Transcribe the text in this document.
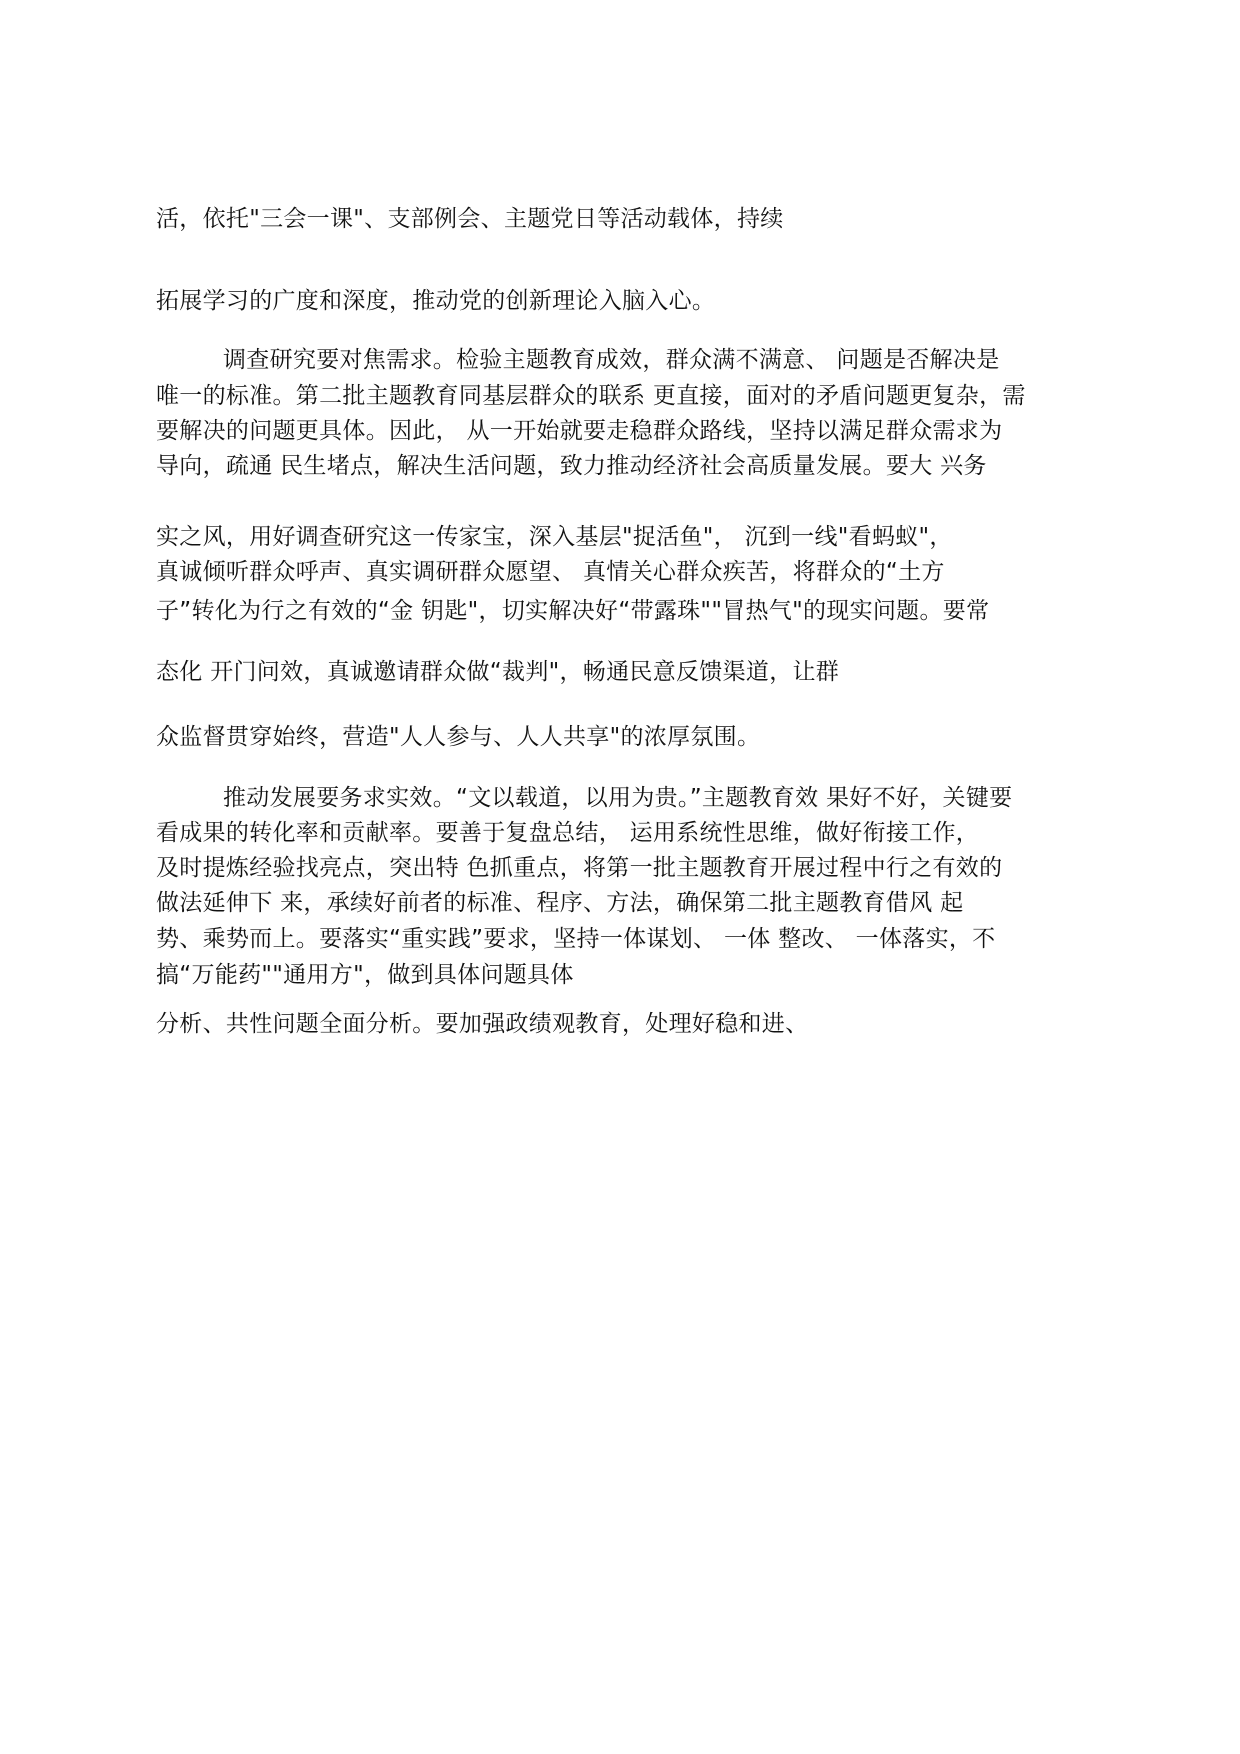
活，依托"三会一课"、支部例会、主题党日等活动载体，持续
拓展学习的广度和深度，推动党的创新理论入脑入心。
调查研究要对焦需求。检验主题教育成效，群众满不满意、 问题是否解决是
唯一的标准。第二批主题教育同基层群众的联系 更直接，面对的矛盾问题更复杂，需
要解决的问题更具体。因此， 从一开始就要走稳群众路线，坚持以满足群众需求为
导向，疏通 民生堵点，解决生活问题，致力推动经济社会高质量发展。要大 兴务
实之风，用好调查研究这一传家宝，深入基层"捉活鱼"， 沉到一线"看蚂蚁"，
真诚倾听群众呼声、真实调研群众愿望、 真情关心群众疾苦，将群众的“土方
子”转化为行之有效的“金 钥匙"，切实解决好“带露珠""冒热气"的现实问题。要常
态化 开门问效，真诚邀请群众做“裁判"，畅通民意反馈渠道，让群
众监督贯穿始终，营造"人人参与、人人共享"的浓厚氛围。
推动发展要务求实效。“文以载道，以用为贵。”主题教育效 果好不好，关键要
看成果的转化率和贡献率。要善于复盘总结， 运用系统性思维，做好衔接工作，
及时提炼经验找亮点，突出特 色抓重点，将第一批主题教育开展过程中行之有效的
做法延伸下 来，承续好前者的标准、程序、方法，确保第二批主题教育借风 起
势、乘势而上。要落实“重实践”要求，坚持一体谋划、 一体 整改、 一体落实，不
搞“万能药""通用方"，做到具体问题具体
分析、共性问题全面分析。要加强政绩观教育，处理好稳和进、
